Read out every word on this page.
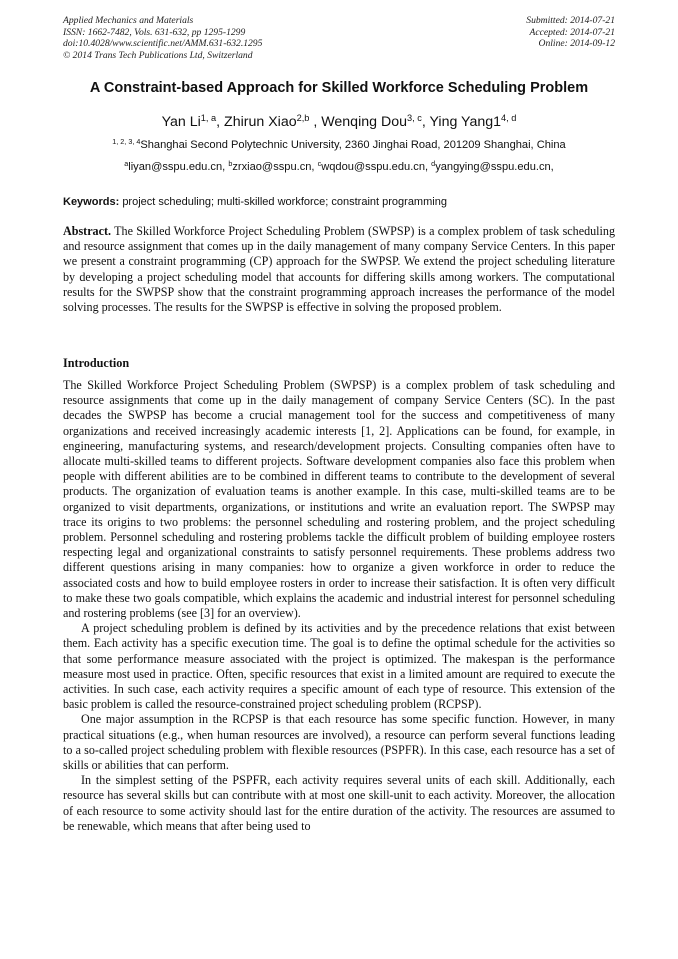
Applied Mechanics and Materials
ISSN: 1662-7482, Vols. 631-632, pp 1295-1299
doi:10.4028/www.scientific.net/AMM.631-632.1295
© 2014 Trans Tech Publications Ltd, Switzerland
Submitted: 2014-07-21
Accepted: 2014-07-21
Online: 2014-09-12
A Constraint-based Approach for Skilled Workforce Scheduling Problem
Yan Li$^{1, a}$, Zhirun Xiao$^{2,b}$ , Wenqing Dou$^{3, c}$, Ying Yang1$^{4, d}$
$^{1, 2, 3, 4}$Shanghai Second Polytechnic University, 2360 Jinghai Road, 201209 Shanghai, China
$^a$liyan@sspu.edu.cn, $^b$zrxiao@sspu.cn, $^c$wqdou@sspu.edu.cn, $^d$yangying@sspu.edu.cn,
Keywords: project scheduling; multi-skilled workforce; constraint programming
Abstract. The Skilled Workforce Project Scheduling Problem (SWPSP) is a complex problem of task scheduling and resource assignment that comes up in the daily management of many company Service Centers. In this paper we present a constraint programming (CP) approach for the SWPSP. We extend the project scheduling literature by developing a project scheduling model that accounts for differing skills among workers. The computational results for the SWPSP show that the constraint programming approach increases the performance of the model solving processes. The results for the SWPSP is effective in solving the proposed problem.
Introduction

The Skilled Workforce Project Scheduling Problem (SWPSP) is a complex problem of task scheduling and resource assignments that come up in the daily management of company Service Centers (SC). In the past decades the SWPSP has become a crucial management tool for the success and competitiveness of many organizations and received increasingly academic interests [1, 2]. Applications can be found, for example, in engineering, manufacturing systems, and research/development projects. Consulting companies often have to allocate multi-skilled teams to different projects. Software development companies also face this problem when people with different abilities are to be combined in different teams to contribute to the development of several products. The organization of evaluation teams is another example. In this case, multi-skilled teams are to be organized to visit departments, organizations, or institutions and write an evaluation report. The SWPSP may trace its origins to two problems: the personnel scheduling and rostering problem, and the project scheduling problem. Personnel scheduling and rostering problems tackle the difficult problem of building employee rosters respecting legal and organizational constraints to satisfy personnel requirements. These problems address two different questions arising in many companies: how to organize a given workforce in order to reduce the associated costs and how to build employee rosters in order to increase their satisfaction. It is often very difficult to make these two goals compatible, which explains the academic and industrial interest for personnel scheduling and rostering problems (see [3] for an overview).

A project scheduling problem is defined by its activities and by the precedence relations that exist between them. Each activity has a specific execution time. The goal is to define the optimal schedule for the activities so that some performance measure associated with the project is optimized. The makespan is the performance measure most used in practice. Often, specific resources that exist in a limited amount are required to execute the activities. In such case, each activity requires a specific amount of each type of resource. This extension of the basic problem is called the resource-constrained project scheduling problem (RCPSP).

One major assumption in the RCPSP is that each resource has some specific function. However, in many practical situations (e.g., when human resources are involved), a resource can perform several functions leading to a so-called project scheduling problem with flexible resources (PSPFR). In this case, each resource has a set of skills or abilities that can perform.

In the simplest setting of the PSPFR, each activity requires several units of each skill. Additionally, each resource has several skills but can contribute with at most one skill-unit to each activity. Moreover, the allocation of each resource to some activity should last for the entire duration of the activity. The resources are assumed to be renewable, which means that after being used to
